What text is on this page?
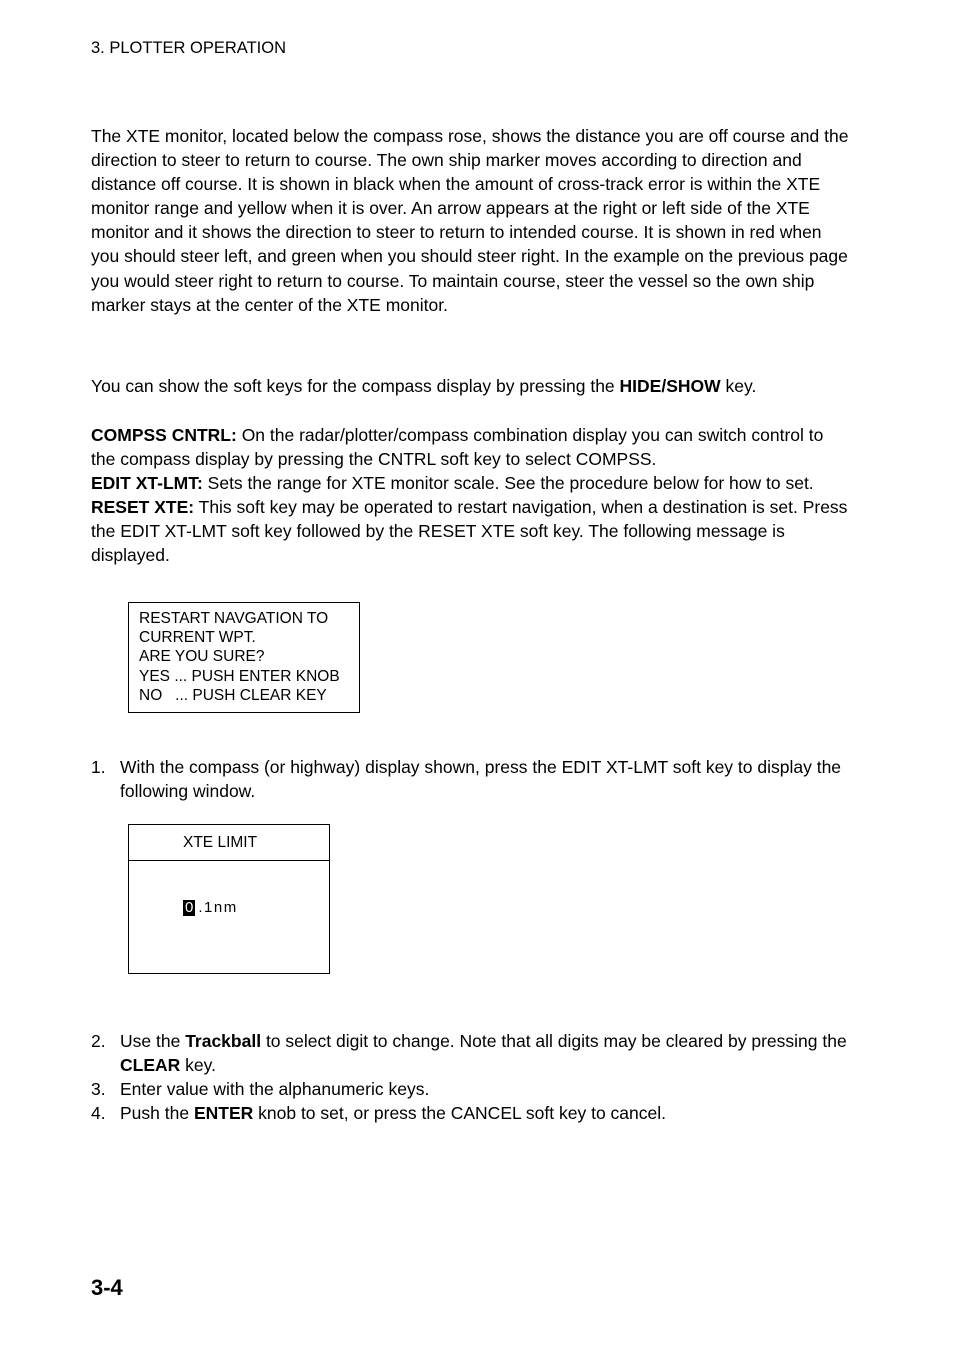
3. PLOTTER OPERATION

The XTE monitor, located below the compass rose, shows the distance you are off course and the direction to steer to return to course. The own ship marker moves according to direction and distance off course. It is shown in black when the amount of cross-track error is within the XTE monitor range and yellow when it is over. An arrow appears at the right or left side of the XTE monitor and it shows the direction to steer to return to intended course. It is shown in red when you should steer left, and green when you should steer right. In the example on the previous page you would steer right to return to course. To maintain course, steer the vessel so the own ship marker stays at the center of the XTE monitor.

You can show the soft keys for the compass display by pressing the HIDE/SHOW key.

COMPSS CNTRL: On the radar/plotter/compass combination display you can switch control to the compass display by pressing the CNTRL soft key to select COMPSS.

EDIT XT-LMT: Sets the range for XTE monitor scale. See the procedure below for how to set.

RESET XTE: This soft key may be operated to restart navigation, when a destination is set. Press the EDIT XT-LMT soft key followed by the RESET XTE soft key. The following message is displayed.

RESTART NAVGATION TO
CURRENT WPT.
ARE YOU SURE?
YES ... PUSH ENTER KNOB
NO   ... PUSH CLEAR KEY
1. With the compass (or highway) display shown, press the EDIT XT-LMT soft key to display the following window.
XTE LIMIT
0 .1nm
2. Use the Trackball to select digit to change. Note that all digits may be cleared by pressing the CLEAR key.
3. Enter value with the alphanumeric keys.
4. Push the ENTER knob to set, or press the CANCEL soft key to cancel.
3-4
